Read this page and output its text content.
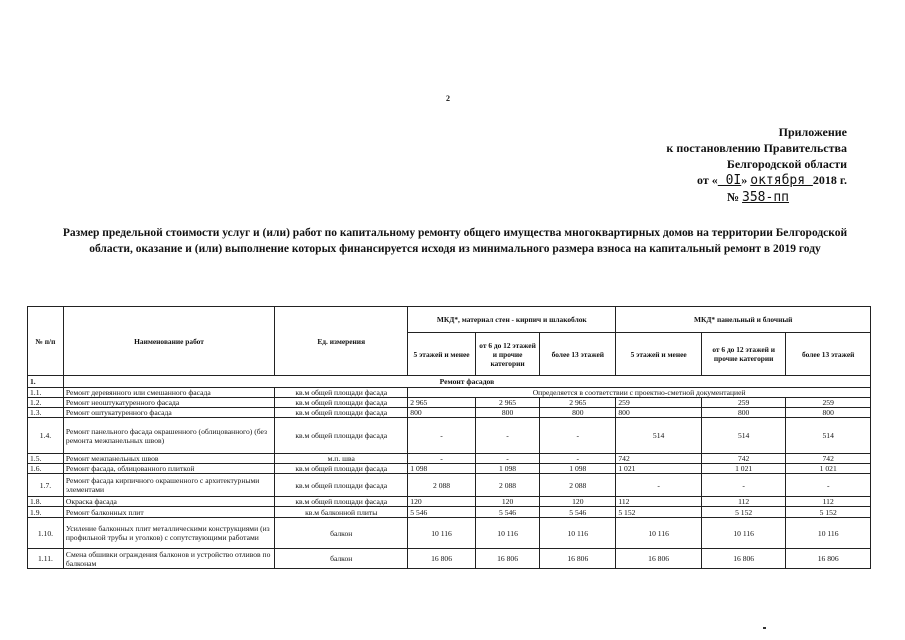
2
Приложение
к постановлению Правительства
Белгородской области
от « 0I» октября 2018 г.
№ 358-пп
Размер предельной стоимости услуг и (или) работ по капитальному ремонту общего имущества многоквартирных домов на территории Белгородской области, оказание и (или) выполнение которых финансируется исходя из минимального размера взноса на капитальный ремонт в 2019 году
№ п/п	Наименование работ	Ед. измерения	МКД*, материал стен - кирпич и шлакоблок			МКД* панельный и блочный		
			5 этажей и менее	от 6 до 12 этажей и прочие категории	более 13 этажей	5 этажей и менее	от 6 до 12 этажей и прочие категории	более 13 этажей
1.	Ремонт фасадов							
1.1.	Ремонт деревянного или смешанного фасада	кв.м общей площади фасада	Определяется в соответствии с проектно-сметной документацией					
1.2.	Ремонт неоштукатуренного фасада	кв.м общей площади фасада	2 965	2 965	2 965	259	259	259
1.3.	Ремонт оштукатуренного фасада	кв.м общей площади фасада	800	800	800	800	800	800
1.4.	Ремонт панельного фасада окрашенного (облицованного) (без ремонта межпанельных швов)	кв.м общей площади фасада	-	-	-	514	514	514
1.5.	Ремонт межпанельных швов	м.п. шва	-	-	-	742	742	742
1.6.	Ремонт фасада, облицованного плиткой	кв.м общей площади фасада	1 098	1 098	1 098	1 021	1 021	1 021
1.7.	Ремонт фасада кирпичного окрашенного с архитектурными элементами	кв.м общей площади фасада	2 088	2 088	2 088	-	-	-
1.8.	Окраска фасада	кв.м общей площади фасада	120	120	120	112	112	112
1.9.	Ремонт балконных плит	кв.м балконной плиты	5 546	5 546	5 546	5 152	5 152	5 152
1.10.	Усиление балконных плит металлическими конструкциями (из профильной трубы и уголков) с сопутствующими работами	балкон	10 116	10 116	10 116	10 116	10 116	10 116
1.11.	Смена обшивки ограждения балконов и устройство отливов по балконам	балкон	16 806	16 806	16 806	16 806	16 806	16 806
